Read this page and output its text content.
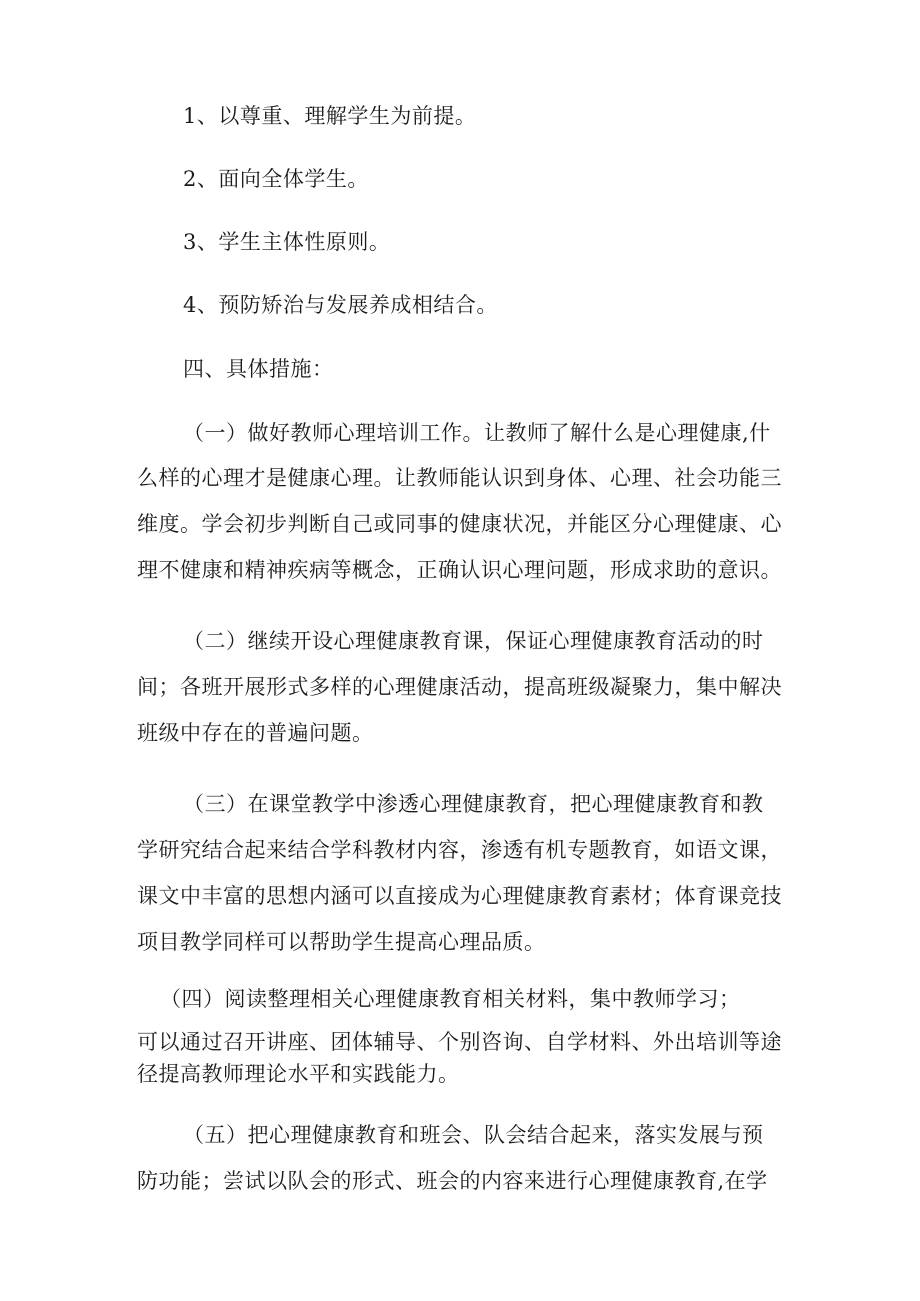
1、以尊重、理解学生为前提。
2、面向全体学生。
3、学生主体性原则。
4、预防矫治与发展养成相结合。
四、具体措施：
（一）做好教师心理培训工作。让教师了解什么是心理健康,什
么样的心理才是健康心理。让教师能认识到身体、心理、社会功能三
维度。学会初步判断自己或同事的健康状况，并能区分心理健康、心
理不健康和精神疾病等概念，正确认识心理问题，形成求助的意识。
（二）继续开设心理健康教育课，保证心理健康教育活动的时
间；各班开展形式多样的心理健康活动，提高班级凝聚力，集中解决
班级中存在的普遍问题。
（三）在课堂教学中渗透心理健康教育，把心理健康教育和教
学研究结合起来结合学科教材内容，渗透有机专题教育，如语文课，
课文中丰富的思想内涵可以直接成为心理健康教育素材；体育课竞技
项目教学同样可以帮助学生提高心理品质。
（四）阅读整理相关心理健康教育相关材料，集中教师学习；
可以通过召开讲座、团体辅导、个别咨询、自学材料、外出培训等途
径提高教师理论水平和实践能力。
（五）把心理健康教育和班会、队会结合起来，落实发展与预
防功能；尝试以队会的形式、班会的内容来进行心理健康教育,在学
